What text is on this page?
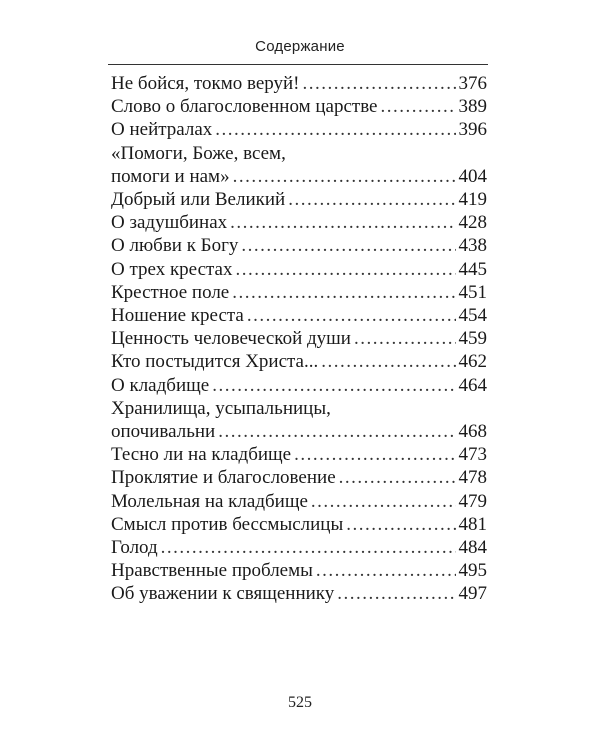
Содержание
Не бойся, токмо веруй! .....	376
Слово о благословенном царстве .....	389
О нейтралах .....	396
«Помоги, Боже, всем,
помоги и нам» .....	404
Добрый или Великий .....	419
О задушбинах .....	428
О любви к Богу .....	438
О трех крестах .....	445
Крестное поле .....	451
Ношение креста .....	454
Ценность человеческой души .....	459
Кто постыдится Христа... .....	462
О кладбище .....	464
Хранилища, усыпальницы,
опочивальни .....	468
Тесно ли на кладбище .....	473
Проклятие и благословение .....	478
Молельная на кладбище .....	479
Смысл против бессмыслицы .....	481
Голод .....	484
Нравственные проблемы .....	495
Об уважении к священнику .....	497
525
